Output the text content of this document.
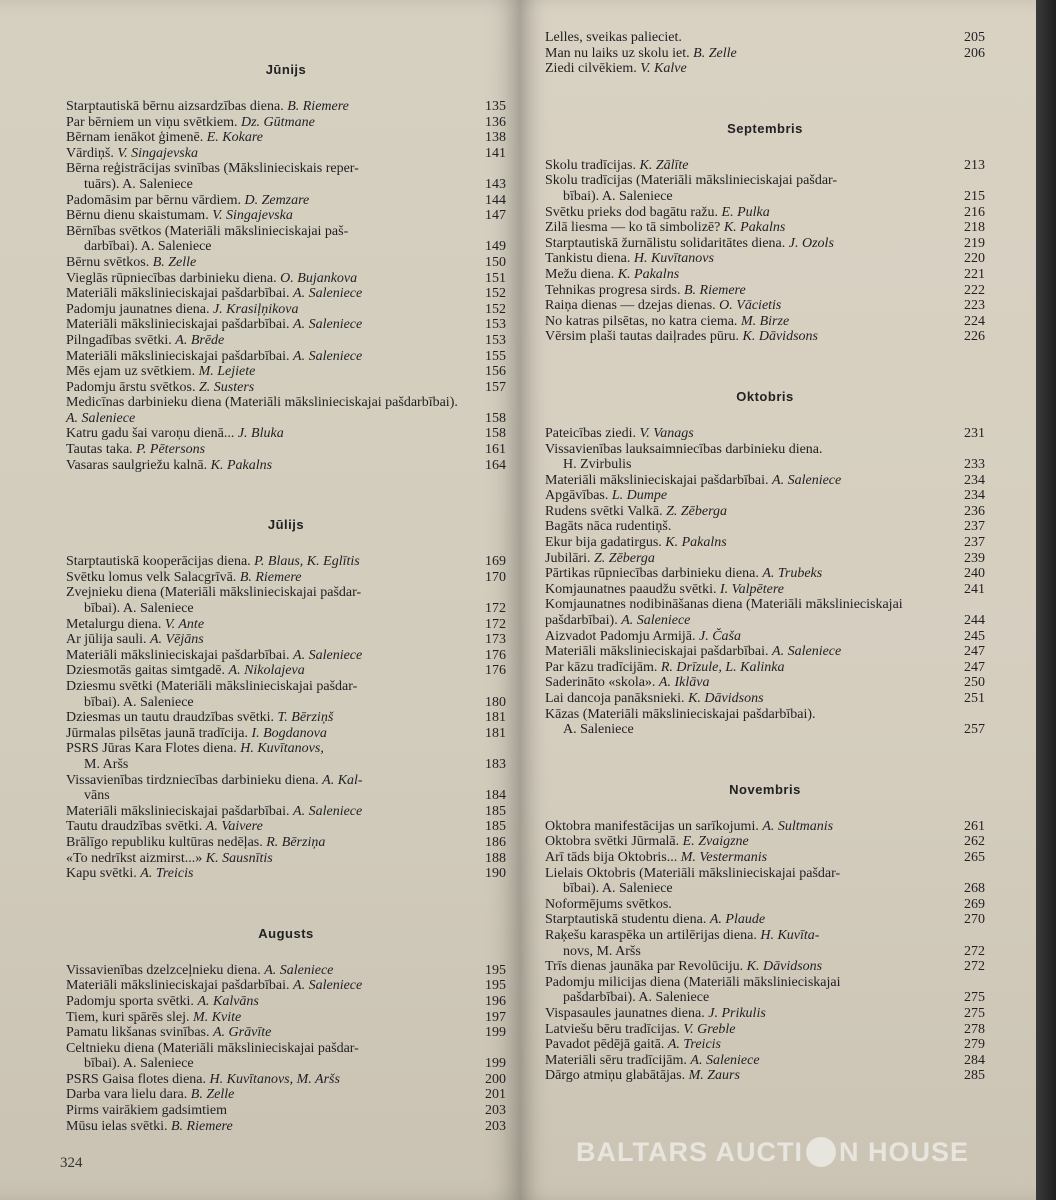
Jūnijs
Starptautiskā bērnu aizsardzības diena. B. Riemere	135
Par bērniem un viņu svētkiem. Dz. Gūtmane	136
Bērnam ienākot ģimenē. E. Kokare	138
Vārdiņš. V. Singajevska	141
Bērna reģistrācijas svinības (Mākslinieciskais reper-
tuārs). A. Saleniece	143
Padomāsim par bērnu vārdiem. D. Zemzare	144
Bērnu dienu skaistumam. V. Singajevska	147
Bērnības svētkos (Materiāli mākslinieciskajai paš-
darbībai). A. Saleniece	149
Bērnu svētkos. B. Zelle	150
Vieglās rūpniecības darbinieku diena. O. Bujankova	151
Materiāli mākslinieciskajai pašdarbībai. A. Saleniece	152
Padomju jaunatnes diena. J. Krasiļņikova	152
Materiāli mākslinieciskajai pašdarbībai. A. Saleniece	153
Pilngadības svētki. A. Brēde	153
Materiāli mākslinieciskajai pašdarbībai. A. Saleniece	155
Mēs ejam uz svētkiem. M. Lejiete	156
Padomju ārstu svētkos. Z. Susters	157
Medicīnas darbinieku diena (Materiāli mākslinieciskajai pašdarbībai). A. Saleniece	158
Katru gadu šai varoņu dienā... J. Bluka	158
Tautas taka. P. Pētersons	161
Vasaras saulgriežu kalnā. K. Pakalns	164
Jūlijs
Starptautiskā kooperācijas diena. P. Blaus, K. Eglītis	169
Svētku lomus velk Salacgrīvā. B. Riemere	170
Zvejnieku diena (Materiāli mākslinieciskajai pašdar-
bībai). A. Saleniece	172
Metalurgu diena. V. Ante	172
Ar jūlija sauli. A. Vējāns	173
Materiāli mākslinieciskajai pašdarbībai. A. Saleniece	176
Dziesmotās gaitas simtgadē. A. Nikolajeva	176
Dziesmu svētki (Materiāli mākslinieciskajai pašdar-
bībai). A. Saleniece	180
Dziesmas un tautu draudzības svētki. T. Bērziņš	181
Jūrmalas pilsētas jaunā tradīcija. I. Bogdanova	181
PSRS Jūras Kara Flotes diena. H. Kuvītanovs,
M. Aršs	183
Vissavienības tirdzniecības darbinieku diena. A. Kal-
vāns	184
Materiāli mākslinieciskajai pašdarbībai. A. Saleniece	185
Tautu draudzības svētki. A. Vaivere	185
Brālīgo republiku kultūras nedēļas. R. Bērziņa	186
«To nedrīkst aizmirst...» K. Sausnītis	188
Kapu svētki. A. Treicis	190
Augusts
Vissavienības dzelzceļnieku diena. A. Saleniece	195
Materiāli mākslinieciskajai pašdarbībai. A. Saleniece	195
Padomju sporta svētki. A. Kalvāns	196
Tiem, kuri spārēs slej. M. Kvite	197
Pamatu likšanas svinības. A. Grāvīte	199
Celtnieku diena (Materiāli mākslinieciskajai pašdar-
bībai). A. Saleniece	199
PSRS Gaisa flotes diena. H. Kuvītanovs, M. Aršs	200
Darba vara lielu dara. B. Zelle	201
Pirms vairākiem gadsimtiem	203
Mūsu ielas svētki. B. Riemere	203
Lelles, sveikas palieciet.	205
Man nu laiks uz skolu iet. B. Zelle	206
Ziedi cilvēkiem. V. Kalve
Septembris
Skolu tradīcijas. K. Zālīte	213
Skolu tradīcijas (Materiāli mākslinieciskajai pašdar-
bībai). A. Saleniece	215
Svētku prieks dod bagātu ražu. E. Pulka	216
Zilā liesma — ko tā simbolizē? K. Pakalns	218
Starptautiskā žurnālistu solidaritātes diena. J. Ozols	219
Tankistu diena. H. Kuvītanovs	220
Mežu diena. K. Pakalns	221
Tehnikas progresa sirds. B. Riemere	222
Raiņa dienas — dzejas dienas. O. Vācietis	223
No katras pilsētas, no katra ciema. M. Birze	224
Vērsim plaši tautas daiļrades pūru. K. Dāvidsons	226
Oktobris
Pateicības ziedi. V. Vanags	231
Vissavienības lauksaimniecības darbinieku diena.
H. Zvirbulis	233
Materiāli mākslinieciskajai pašdarbībai. A. Saleniece	234
Apgāvības. L. Dumpe	234
Rudens svētki Valkā. Z. Zēberga	236
Bagāts nāca rudentiņš.	237
Ekur bija gadatirgus. K. Pakalns	237
Jubilāri. Z. Zēberga	239
Pārtikas rūpniecības darbinieku diena. A. Trubeks	240
Komjaunatnes paaudžu svētki. I. Valpētere	241
Komjaunatnes nodibināšanas diena (Materiāli mākslinieciskajai pašdarbībai). A. Saleniece	244
Aizvadot Padomju Armijā. J. Čaša	245
Materiāli mākslinieciskajai pašdarbībai. A. Saleniece	247
Par kāzu tradīcijām. R. Drīzule, L. Kalinka	247
Saderināto «skola». A. Iklāva	250
Lai dancoja panāksnieki. K. Dāvidsons	251
Kāzas (Materiāli mākslinieciskajai pašdarbībai).
A. Saleniece	257
Novembris
Oktobra manifestācijas un sarīkojumi. A. Sultmanis	261
Oktobra svētki Jūrmalā. E. Zvaigzne	262
Arī tāds bija Oktobris... M. Vestermanis	265
Lielais Oktobris (Materiāli mākslinieciskajai pašdar-
bībai). A. Saleniece	268
Noformējums svētkos.	269
Starptautiskā studentu diena. A. Plaude	270
Raķešu karaspēka un artilērijas diena. H. Kuvīta-
novs, M. Aršs	272
Trīs dienas jaunāka par Revolūciju. K. Dāvidsons	272
Padomju milicijas diena (Materiāli mākslinieciskajai
pašdarbībai). A. Saleniece	275
Vispasaules jaunatnes diena. J. Prikulis	275
Latviešu bēru tradīcijas. V. Greble	278
Pavadot pēdējā gaitā. A. Treicis	279
Materiāli sēru tradīcijām. A. Saleniece	284
Dārgo atmiņu glabātājas. M. Zaurs	285
324	BALTARS AUCTI N HOUSE
